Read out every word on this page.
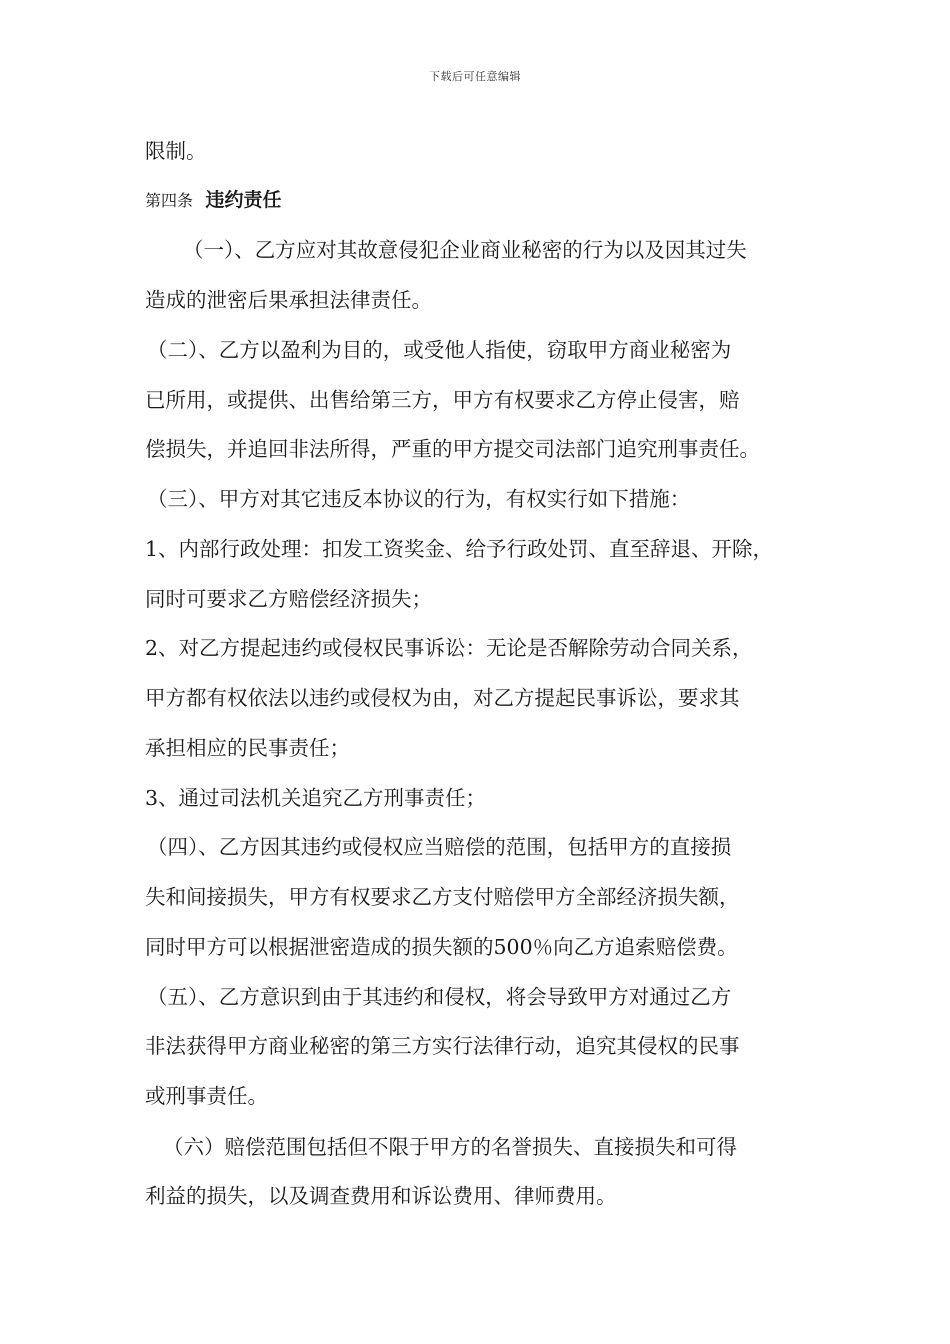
下载后可任意编辑
限制。
第四条 违约责任
（一）、乙方应对其故意侵犯企业商业秘密的行为以及因其过失
造成的泄密后果承担法律责任。
（二）、乙方以盈利为目的，或受他人指使，窃取甲方商业秘密为
已所用，或提供、出售给第三方，甲方有权要求乙方停止侵害，赔
偿损失，并追回非法所得，严重的甲方提交司法部门追究刑事责任。
（三）、甲方对其它违反本协议的行为，有权实行如下措施：
1、内部行政处理：扣发工资奖金、给予行政处罚、直至辞退、开除，
同时可要求乙方赔偿经济损失；
2、对乙方提起违约或侵权民事诉讼：无论是否解除劳动合同关系，
甲方都有权依法以违约或侵权为由，对乙方提起民事诉讼，要求其
承担相应的民事责任；
3、通过司法机关追究乙方刑事责任；
（四）、乙方因其违约或侵权应当赔偿的范围，包括甲方的直接损
失和间接损失，甲方有权要求乙方支付赔偿甲方全部经济损失额，
同时甲方可以根据泄密造成的损失额的500％向乙方追索赔偿费。
（五）、乙方意识到由于其违约和侵权，将会导致甲方对通过乙方
非法获得甲方商业秘密的第三方实行法律行动，追究其侵权的民事
或刑事责任。
（六）赔偿范围包括但不限于甲方的名誉损失、直接损失和可得
利益的损失，以及调查费用和诉讼费用、律师费用。
